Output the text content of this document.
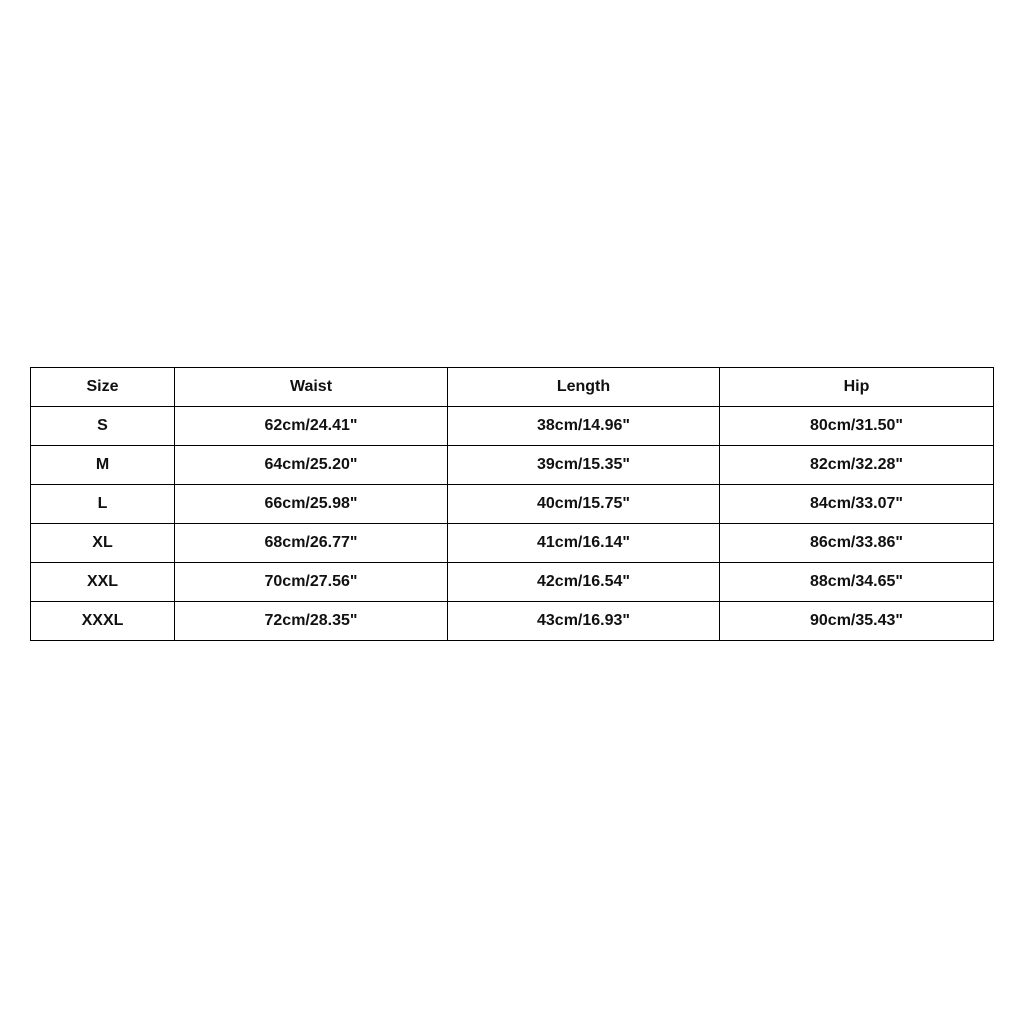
Size	Waist	Length	Hip
S	62cm/24.41"	38cm/14.96"	80cm/31.50"
M	64cm/25.20"	39cm/15.35"	82cm/32.28"
L	66cm/25.98"	40cm/15.75"	84cm/33.07"
XL	68cm/26.77"	41cm/16.14"	86cm/33.86"
XXL	70cm/27.56"	42cm/16.54"	88cm/34.65"
XXXL	72cm/28.35"	43cm/16.93"	90cm/35.43"
